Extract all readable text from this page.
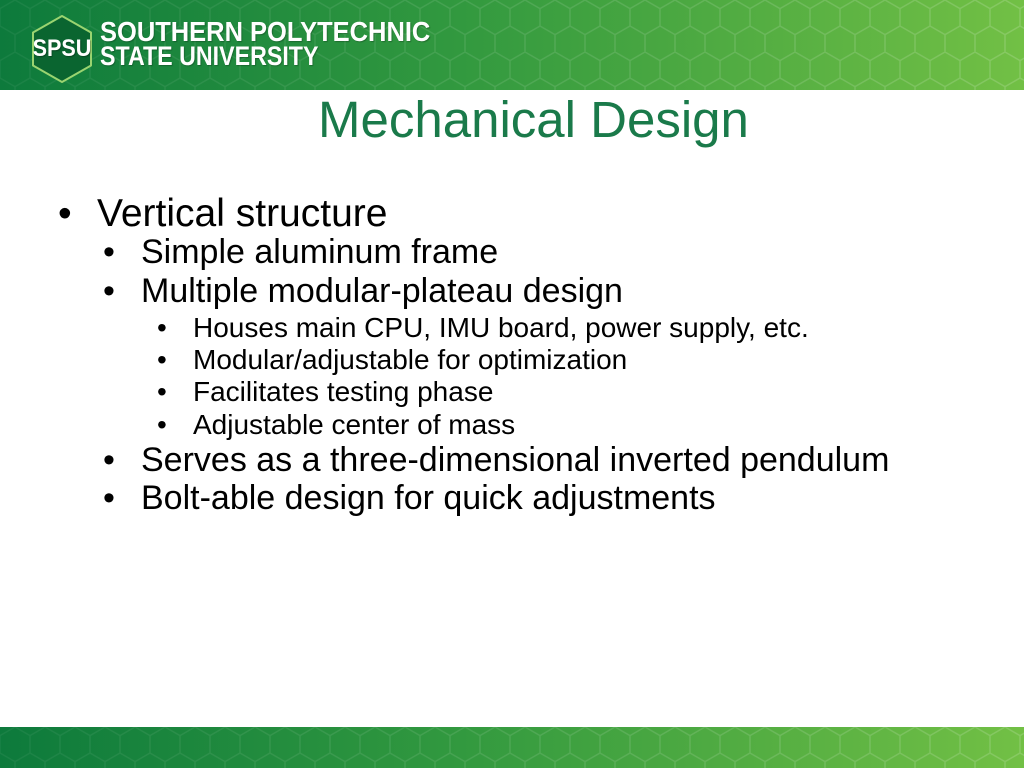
SPSU
SOUTHERN POLYTECHNIC
STATE UNIVERSITY
Mechanical Design
• Vertical structure
• Simple aluminum frame
• Multiple modular-plateau design
• Houses main CPU, IMU board, power supply, etc.
• Modular/adjustable for optimization
• Facilitates testing phase
• Adjustable center of mass
• Serves as a three-dimensional inverted pendulum
• Bolt-able design for quick adjustments
